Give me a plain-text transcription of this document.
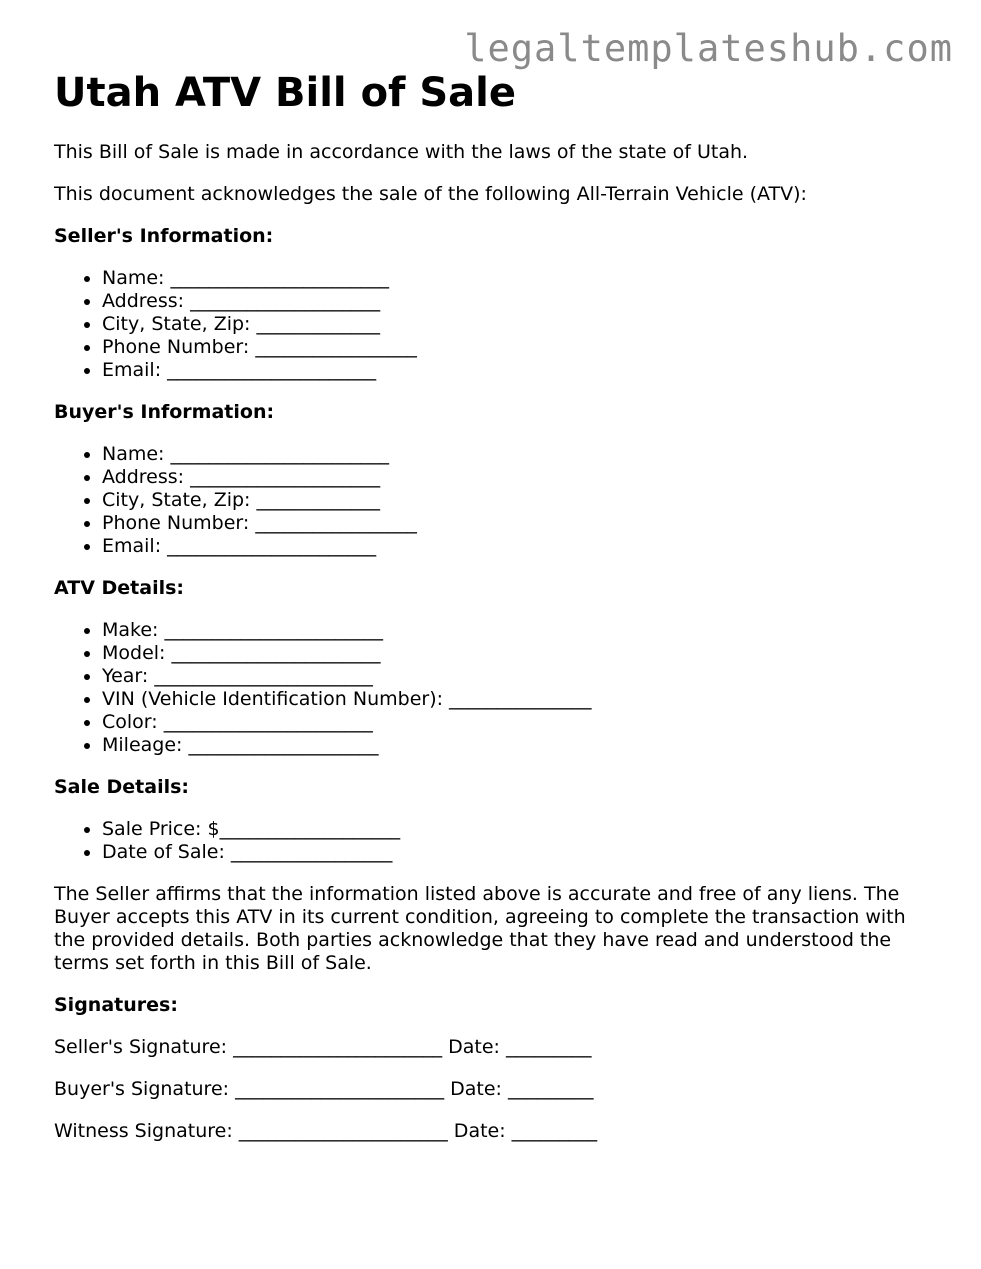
legaltemplateshub.com
Utah ATV Bill of Sale

This Bill of Sale is made in accordance with the laws of the state of Utah.

This document acknowledges the sale of the following All-Terrain Vehicle (ATV):

Seller's Information:
• Name: _______________________
• Address: ____________________
• City, State, Zip: _____________
• Phone Number: _________________
• Email: ______________________
Buyer's Information:
• Name: _______________________
• Address: ____________________
• City, State, Zip: _____________
• Phone Number: _________________
• Email: ______________________
ATV Details:
• Make: _______________________
• Model: ______________________
• Year: _______________________
• VIN (Vehicle Identification Number): _______________
• Color: ______________________
• Mileage: ____________________
Sale Details:
• Sale Price: $___________________
• Date of Sale: _________________

The Seller affirms that the information listed above is accurate and free of any liens. The Buyer accepts this ATV in its current condition, agreeing to complete the transaction with the provided details. Both parties acknowledge that they have read and understood the terms set forth in this Bill of Sale.

Signatures:
Seller's Signature: ______________________ Date: _________
Buyer's Signature: ______________________ Date: _________
Witness Signature: ______________________ Date: _________
